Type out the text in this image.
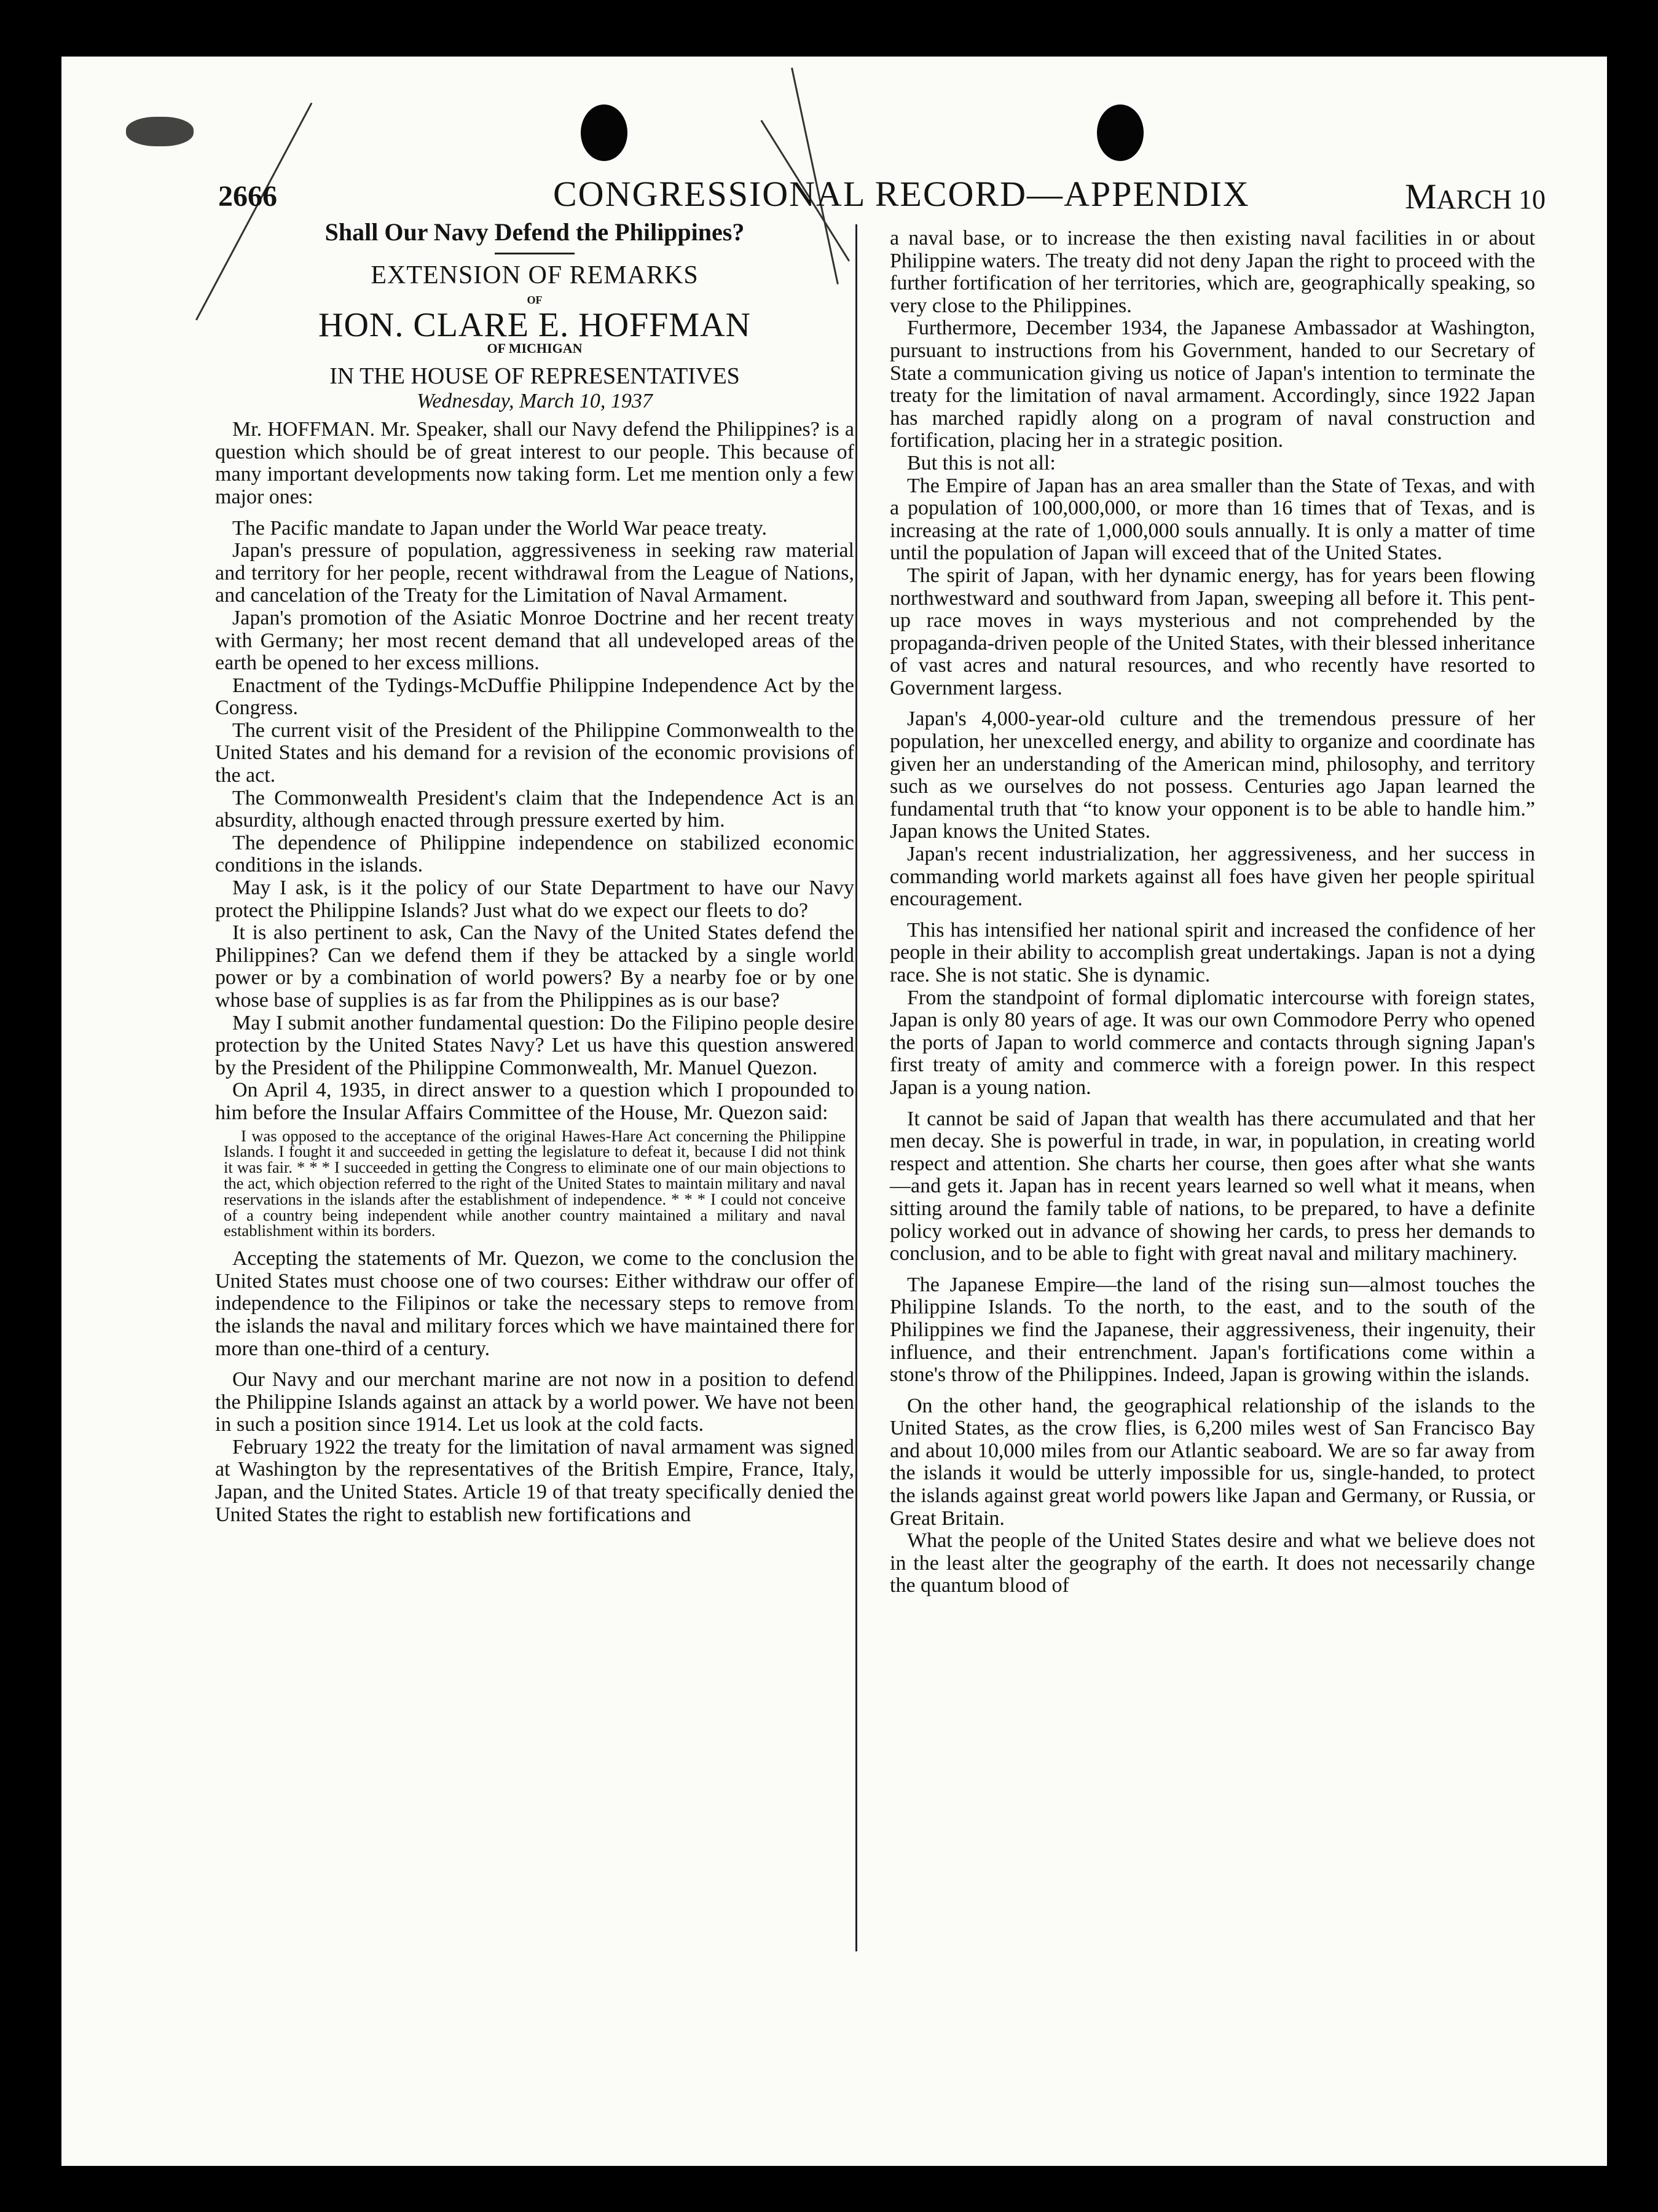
2666	CONGRESSIONAL RECORD—APPENDIX	MARCH 10
Shall Our Navy Defend the Philippines?
EXTENSION OF REMARKS
OF
HON. CLARE E. HOFFMAN
OF MICHIGAN
IN THE HOUSE OF REPRESENTATIVES
Wednesday, March 10, 1937

Mr. HOFFMAN. Mr. Speaker, shall our Navy defend the Philippines? is a question which should be of great interest to our people. This because of many important developments now taking form. Let me mention only a few major ones:

The Pacific mandate to Japan under the World War peace treaty.

Japan's pressure of population, aggressiveness in seeking raw material and territory for her people, recent withdrawal from the League of Nations, and cancelation of the Treaty for the Limitation of Naval Armament.

Japan's promotion of the Asiatic Monroe Doctrine and her recent treaty with Germany; her most recent demand that all undeveloped areas of the earth be opened to her excess millions.

Enactment of the Tydings-McDuffie Philippine Independence Act by the Congress.

The current visit of the President of the Philippine Commonwealth to the United States and his demand for a revision of the economic provisions of the act.

The Commonwealth President's claim that the Independence Act is an absurdity, although enacted through pressure exerted by him.

The dependence of Philippine independence on stabilized economic conditions in the islands.

May I ask, is it the policy of our State Department to have our Navy protect the Philippine Islands? Just what do we expect our fleets to do?

It is also pertinent to ask, Can the Navy of the United States defend the Philippines? Can we defend them if they be attacked by a single world power or by a combination of world powers? By a nearby foe or by one whose base of supplies is as far from the Philippines as is our base?

May I submit another fundamental question: Do the Filipino people desire protection by the United States Navy? Let us have this question answered by the President of the Philippine Commonwealth, Mr. Manuel Quezon.

On April 4, 1935, in direct answer to a question which I propounded to him before the Insular Affairs Committee of the House, Mr. Quezon said:

I was opposed to the acceptance of the original Hawes-Hare Act concerning the Philippine Islands. I fought it and succeeded in getting the legislature to defeat it, because I did not think it was fair. * * * I succeeded in getting the Congress to eliminate one of our main objections to the act, which objection referred to the right of the United States to maintain military and naval reservations in the islands after the establishment of independence. * * * I could not conceive of a country being independent while another country maintained a military and naval establishment within its borders.

Accepting the statements of Mr. Quezon, we come to the conclusion the United States must choose one of two courses: Either withdraw our offer of independence to the Filipinos or take the necessary steps to remove from the islands the naval and military forces which we have maintained there for more than one-third of a century.

Our Navy and our merchant marine are not now in a position to defend the Philippine Islands against an attack by a world power. We have not been in such a position since 1914. Let us look at the cold facts.

February 1922 the treaty for the limitation of naval armament was signed at Washington by the representatives of the British Empire, France, Italy, Japan, and the United States. Article 19 of that treaty specifically denied the United States the right to establish new fortifications and

a naval base, or to increase the then existing naval facilities in or about Philippine waters. The treaty did not deny Japan the right to proceed with the further fortification of her territories, which are, geographically speaking, so very close to the Philippines.

Furthermore, December 1934, the Japanese Ambassador at Washington, pursuant to instructions from his Government, handed to our Secretary of State a communication giving us notice of Japan's intention to terminate the treaty for the limitation of naval armament. Accordingly, since 1922 Japan has marched rapidly along on a program of naval construction and fortification, placing her in a strategic position.

But this is not all:

The Empire of Japan has an area smaller than the State of Texas, and with a population of 100,000,000, or more than 16 times that of Texas, and is increasing at the rate of 1,000,000 souls annually. It is only a matter of time until the population of Japan will exceed that of the United States.

The spirit of Japan, with her dynamic energy, has for years been flowing northwestward and southward from Japan, sweeping all before it. This pent-up race moves in ways mysterious and not comprehended by the propaganda-driven people of the United States, with their blessed inheritance of vast acres and natural resources, and who recently have resorted to Government largess.

Japan's 4,000-year-old culture and the tremendous pressure of her population, her unexcelled energy, and ability to organize and coordinate has given her an understanding of the American mind, philosophy, and territory such as we ourselves do not possess. Centuries ago Japan learned the fundamental truth that “to know your opponent is to be able to handle him.” Japan knows the United States.

Japan's recent industrialization, her aggressiveness, and her success in commanding world markets against all foes have given her people spiritual encouragement.

This has intensified her national spirit and increased the confidence of her people in their ability to accomplish great undertakings. Japan is not a dying race. She is not static. She is dynamic.

From the standpoint of formal diplomatic intercourse with foreign states, Japan is only 80 years of age. It was our own Commodore Perry who opened the ports of Japan to world commerce and contacts through signing Japan's first treaty of amity and commerce with a foreign power. In this respect Japan is a young nation.

It cannot be said of Japan that wealth has there accumulated and that her men decay. She is powerful in trade, in war, in population, in creating world respect and attention. She charts her course, then goes after what she wants—and gets it. Japan has in recent years learned so well what it means, when sitting around the family table of nations, to be prepared, to have a definite policy worked out in advance of showing her cards, to press her demands to conclusion, and to be able to fight with great naval and military machinery.

The Japanese Empire—the land of the rising sun—almost touches the Philippine Islands. To the north, to the east, and to the south of the Philippines we find the Japanese, their aggressiveness, their ingenuity, their influence, and their entrenchment. Japan's fortifications come within a stone's throw of the Philippines. Indeed, Japan is growing within the islands.

On the other hand, the geographical relationship of the islands to the United States, as the crow flies, is 6,200 miles west of San Francisco Bay and about 10,000 miles from our Atlantic seaboard. We are so far away from the islands it would be utterly impossible for us, single-handed, to protect the islands against great world powers like Japan and Germany, or Russia, or Great Britain.

What the people of the United States desire and what we believe does not in the least alter the geography of the earth. It does not necessarily change the quantum blood of
